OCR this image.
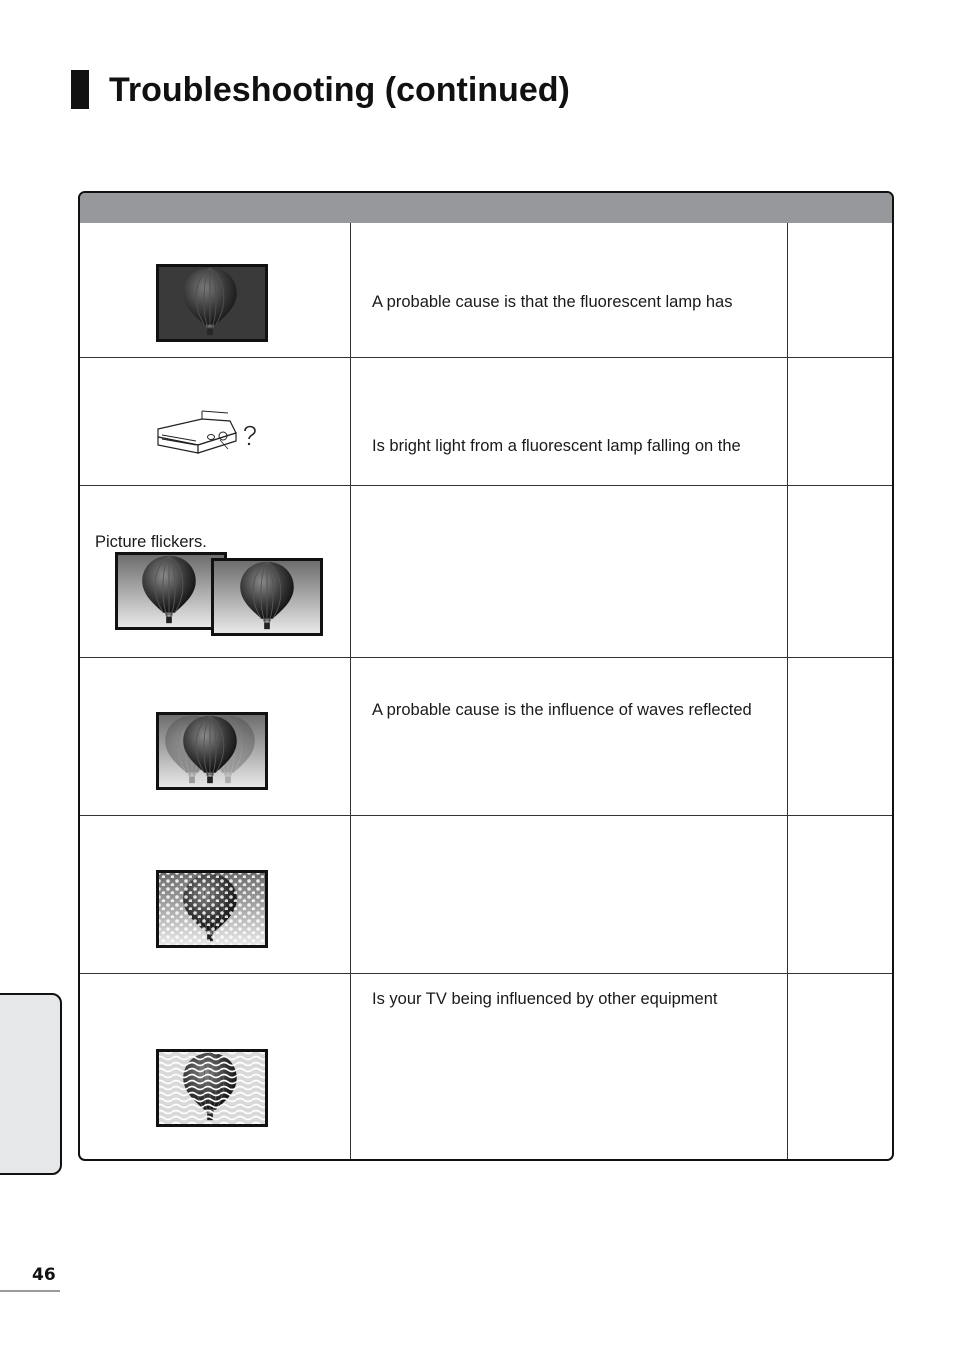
Troubleshooting (continued)

A probable cause is that the fluorescent lamp has

Is bright light from a fluorescent lamp falling on the

Picture flickers.

A probable cause is the influence of waves reflected

Is your TV being influenced by other equipment

46
